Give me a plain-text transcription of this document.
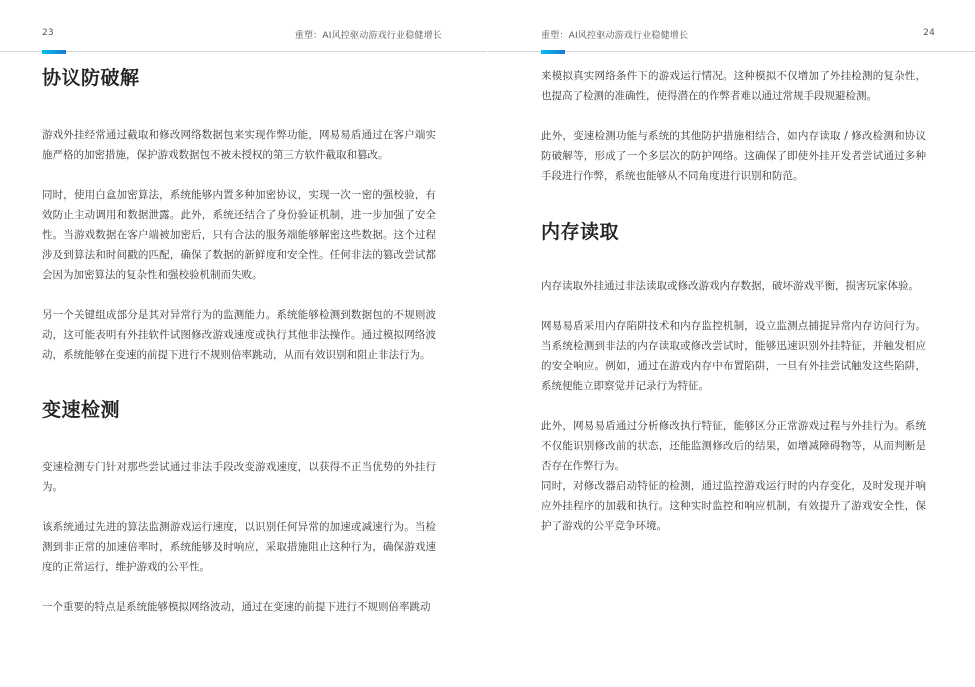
23	重塑：AI风控驱动游戏行业稳健增长
协议防破解

游戏外挂经常通过截取和修改网络数据包来实现作弊功能，网易易盾通过在客户端实施严格的加密措施，保护游戏数据包不被未授权的第三方软件截取和篡改。

同时，使用白盒加密算法，系统能够内置多种加密协议，实现一次一密的强校验，有效防止主动调用和数据泄露。此外，系统还结合了身份验证机制，进一步加强了安全性。当游戏数据在客户端被加密后，只有合法的服务端能够解密这些数据。这个过程涉及到算法和时间戳的匹配，确保了数据的新鲜度和安全性。任何非法的篡改尝试都会因为加密算法的复杂性和强校验机制而失败。

另一个关键组成部分是其对异常行为的监测能力。系统能够检测到数据包的不规则波动，这可能表明有外挂软件试图修改游戏速度或执行其他非法操作。通过模拟网络波动，系统能够在变速的前提下进行不规则倍率跳动，从而有效识别和阻止非法行为。

变速检测

变速检测专门针对那些尝试通过非法手段改变游戏速度，以获得不正当优势的外挂行为。

该系统通过先进的算法监测游戏运行速度，以识别任何异常的加速或减速行为。当检测到非正常的加速倍率时，系统能够及时响应，采取措施阻止这种行为，确保游戏速度的正常运行，维护游戏的公平性。

一个重要的特点是系统能够模拟网络波动，通过在变速的前提下进行不规则倍率跳动

重塑：AI风控驱动游戏行业稳健增长	24

来模拟真实网络条件下的游戏运行情况。这种模拟不仅增加了外挂检测的复杂性，也提高了检测的准确性，使得潜在的作弊者难以通过常规手段规避检测。

此外，变速检测功能与系统的其他防护措施相结合，如内存读取 / 修改检测和协议防破解等，形成了一个多层次的防护网络。这确保了即使外挂开发者尝试通过多种手段进行作弊，系统也能够从不同角度进行识别和防范。

内存读取

内存读取外挂通过非法读取或修改游戏内存数据，破坏游戏平衡，损害玩家体验。

网易易盾采用内存陷阱技术和内存监控机制，设立监测点捕捉异常内存访问行为。当系统检测到非法的内存读取或修改尝试时，能够迅速识别外挂特征，并触发相应的安全响应。例如，通过在游戏内存中布置陷阱，一旦有外挂尝试触发这些陷阱，系统便能立即察觉并记录行为特征。

此外，网易易盾通过分析修改执行特征，能够区分正常游戏过程与外挂行为。系统不仅能识别修改前的状态，还能监测修改后的结果，如增减障碍物等，从而判断是否存在作弊行为。

同时，对修改器启动特征的检测，通过监控游戏运行时的内存变化，及时发现并响应外挂程序的加载和执行。这种实时监控和响应机制，有效提升了游戏安全性，保护了游戏的公平竞争环境。
